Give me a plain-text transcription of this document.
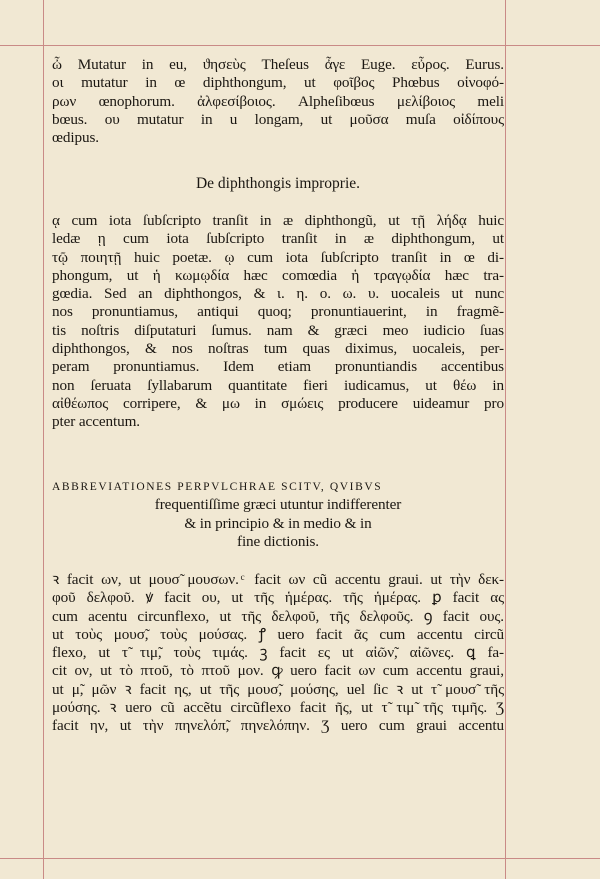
ὦ Mutatur in eu, ϑησεὺς Theſeus ἆγε Euge. εὖρος. Eurus.
οι mutatur in œ diphthongum, ut φοῖβος Phœbus οἰνοφό-
ρων œnophorum. ἀλφεσίβοιος. Alpheſibœus μελίβοιος meli
bœus. ου mutatur in u longam, ut μοῦσα muſa οἰδίπους
œdipus.
De diphthongis improprie.
ᾳ cum iota ſubſcripto tranſit in æ diphthongũ, ut τῇ λήδᾳ huic
ledæ ῃ cum iota ſubſcripto tranſit in æ diphthongum, ut
τῷ ποιητῇ huic poetæ. ῳ cum iota ſubſcripto tranſit in œ di-
phongum, ut ἡ κωμῳδία hæc comœdia ἡ τραγῳδία hæc tra-
gœdia. Sed an diphthongos, & ι. η. ο. ω. υ. uocaleis ut nunc
nos pronuntiamus, antiqui quoq; pronuntiauerint, in fragmẽ-
tis noſtris diſputaturi ſumus. nam & græci meo iudicio ſuas
diphthongos, & nos noſtras tum quas diximus, uocaleis, per-
peram pronuntiamus. Idem etiam pronuntiandis accentibus
non ſeruata ſyllabarum quantitate fieri iudicamus, ut θέω in
αἰθέωπος corripere, & μω in σμώεις producere uideamur pro
pter accentum.
ABBREVIATIONES PERPVLCHRAE SCITV, QVIBVS
frequentiſſime græci utuntur indifferenter
& in principio & in medio & in
fine dictionis.
ꝛ facit ων, ut μουσ̃ μουσων. ͨ facit ων cũ accentu graui. ut τὴν δεκ-
φοῦ δελφοῦ. ꝟ facit ου, ut τῆς ἡμέρας. τῆς ἡμέρας. ꝑ facit ας
cum acentu circunflexo, ut τῆς δελφοῦ, τῆς δελφοῦς. ꝯ facit ους.
ut τοὺς μουσ̃, τοὺς μούσας. ꝭ uero facit ᾶς cum accentu circũ
flexo, ut τ̃ τιμ̃, τοὺς τιμάς. ꝫ facit ες ut αἰῶν̃, αἰῶνες. ꝗ fa-
cit ον, ut τὸ πτοῦ, τὸ πτοῦ μον. ꝙ uero facit ων cum accentu graui,
ut μ̃, μῶν ꝛ facit ης, ut τῆς μουσ̃, μούσης, uel ſic ꝛ ut τ̃ μουσ̃ τῆς
μούσης. ꝛ uero cũ accẽtu circũflexo facit ῆς, ut τ̃ τιμ̃ τῆς τιμῆς. Ʒ
facit ην, ut τὴν πηνελόπ̃, πηνελόπην. Ʒ uero cum graui accentu
